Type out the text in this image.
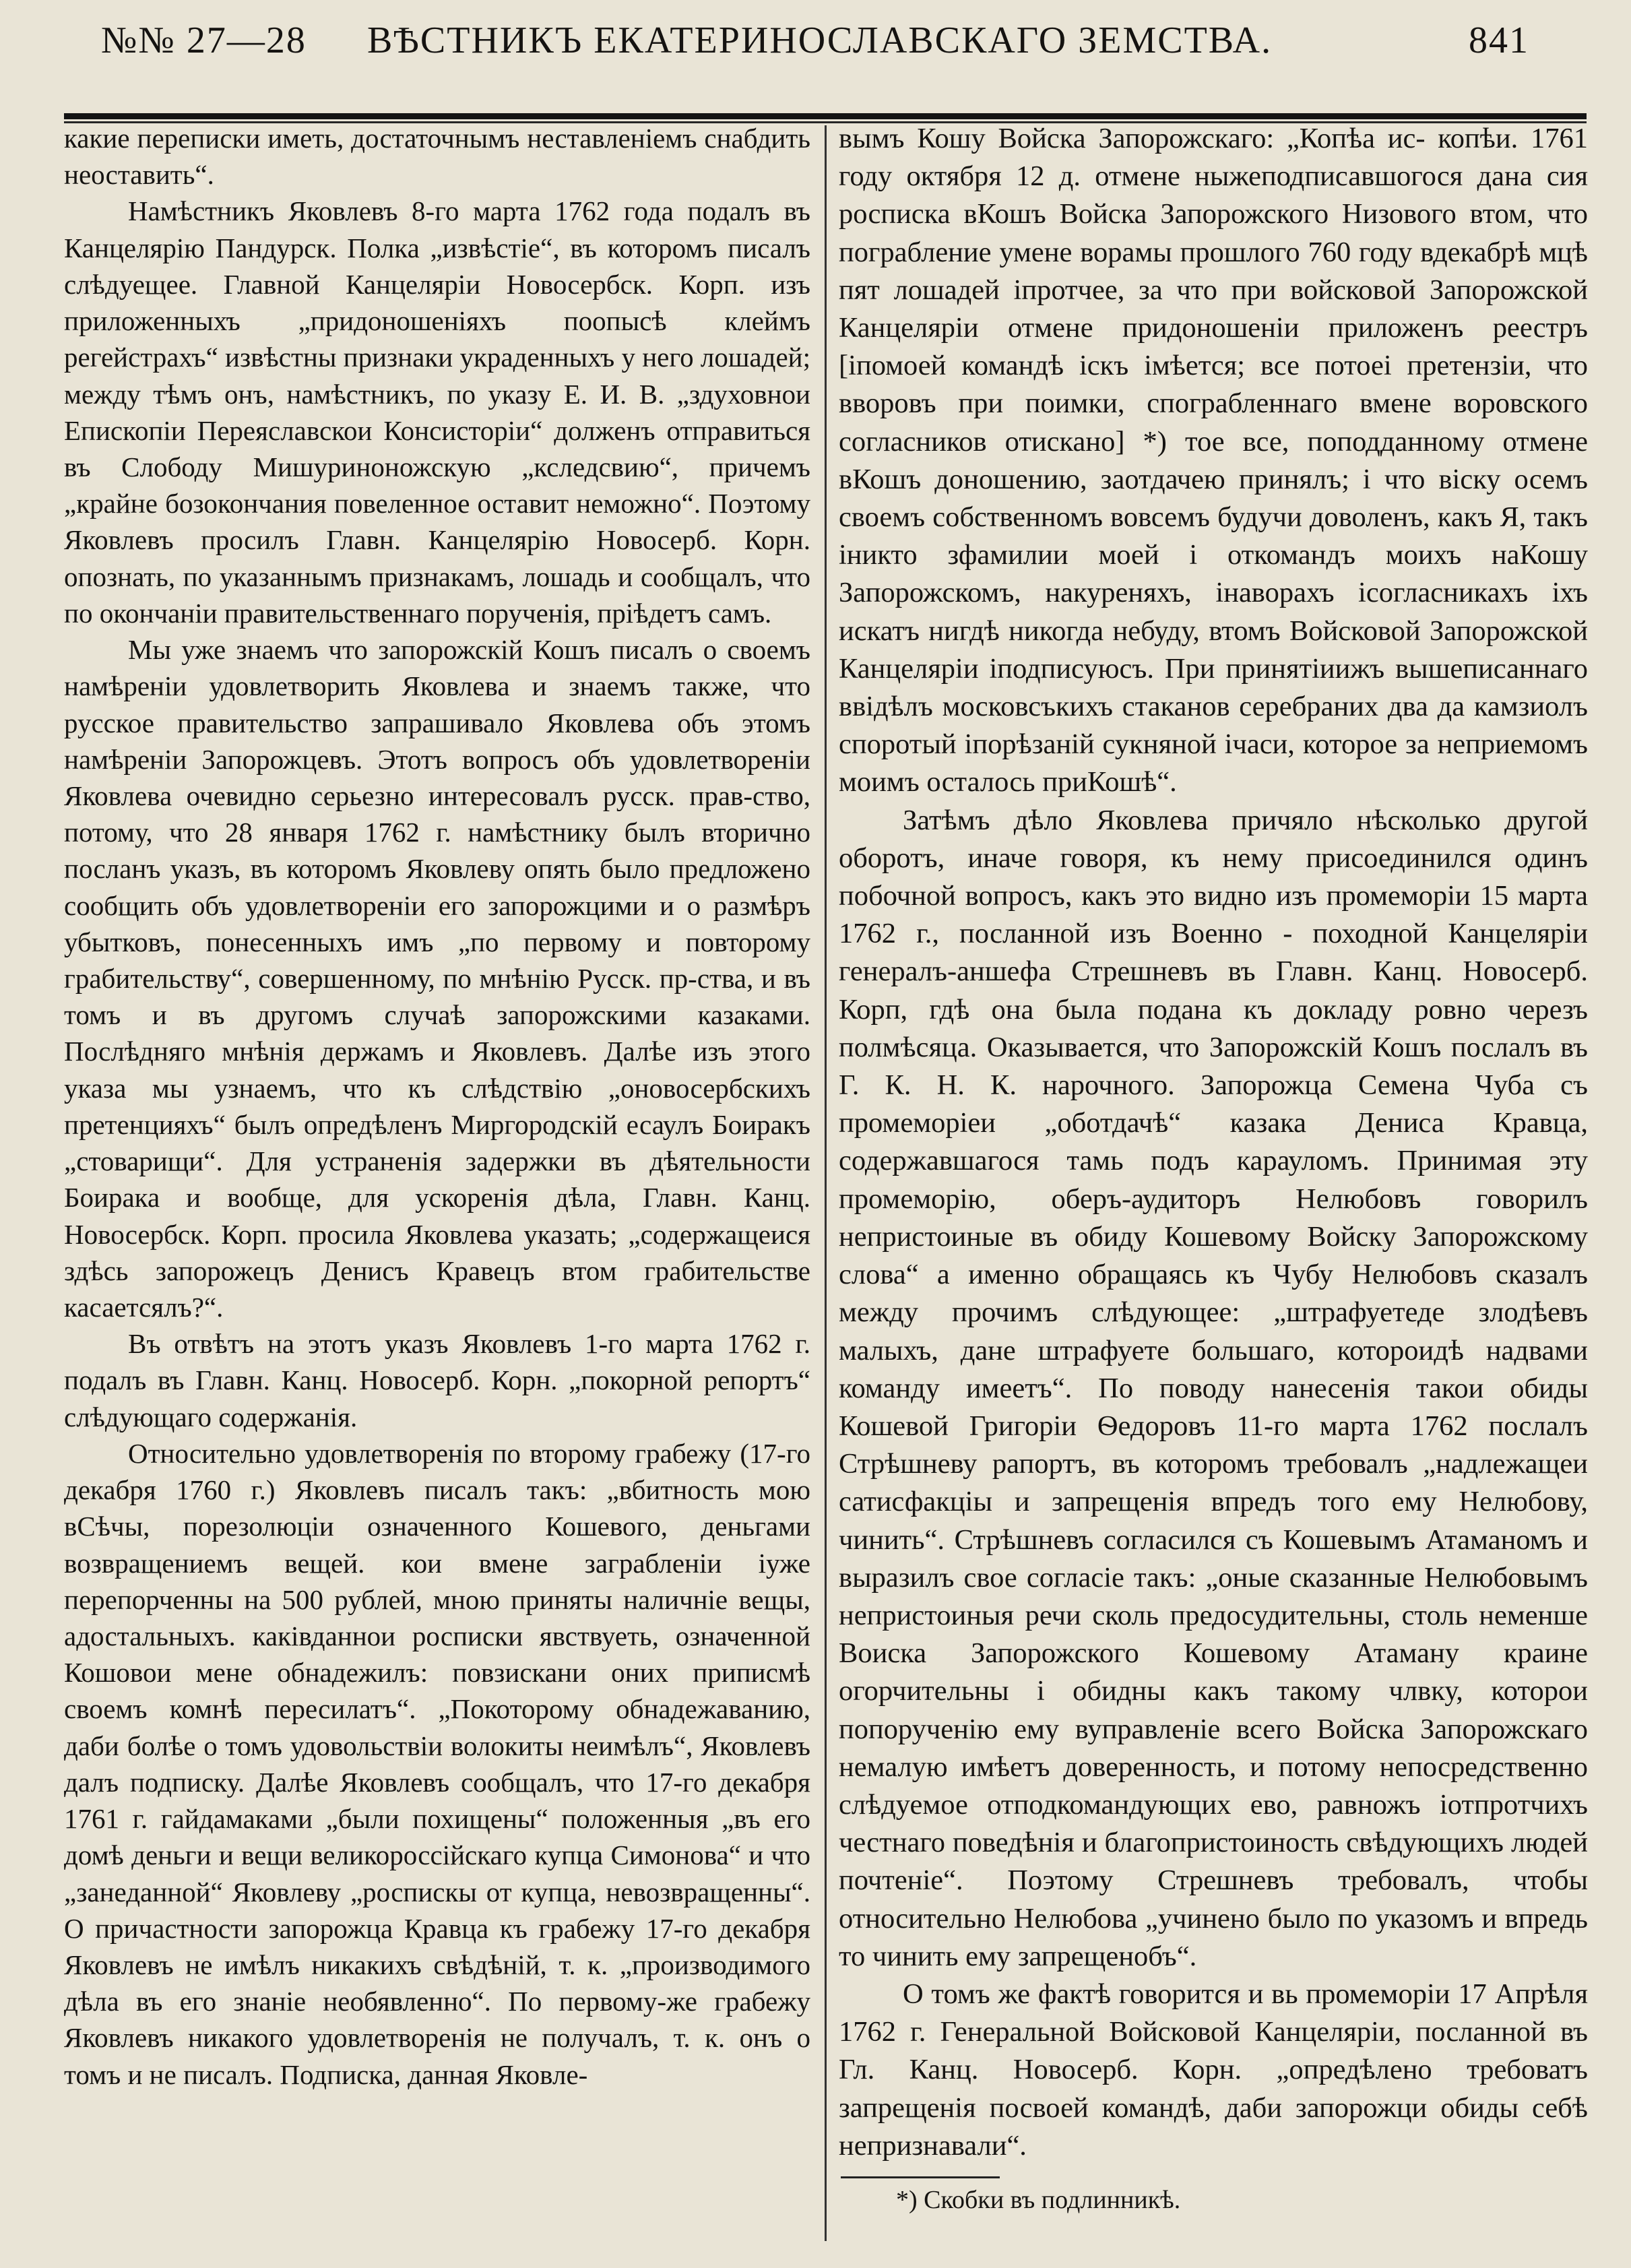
№№ 27—28 ВѢСТНИКЪ ЕКАТЕРИНОСЛАВСКАГО ЗЕМСТВА.	841

какие переписки иметь, достаточнымъ неставленіемъ снабдить неоставить“.

Намѣстникъ Яковлевъ 8-го марта 1762 года подалъ въ Канцелярію Пандурск. Полка „извѣстіе“, въ которомъ писалъ слѣдуещее. Главной Канцеляріи Новосербск. Корп. изъ приложенныхъ „придоношеніяхъ поопысѣ клеймъ регейстрахъ“ извѣстны признаки украденныхъ у него лошадей; между тѣмъ онъ, намѣстникъ, по указу Е. И. В. „здуховнои Епископіи Переяславскои Консисторіи“ долженъ отправиться въ Слободу Мишуриноножскую „кследсвию“, причемъ „крайне бозокончания повеленное оставит неможно“. Поэтому Яковлевъ просилъ Главн. Канцелярію Новосерб. Корн. опознать, по указаннымъ признакамъ, лошадь и сообщалъ, что по окончаніи правительственнаго порученія, пріѣдетъ самъ.

Мы уже знаемъ что запорожскій Кошъ писалъ о своемъ намѣреніи удовлетворить Яковлева и знаемъ также, что русское правительство запрашивало Яковлева объ этомъ намѣреніи Запорожцевъ. Этотъ вопросъ объ удовлетвореніи Яковлева очевидно серьезно интересовалъ русск. прав-ство, потому, что 28 января 1762 г. намѣстнику былъ вторично посланъ указъ, въ которомъ Яковлеву опять было предложено сообщить объ удовлетвореніи его запорожцими и о размѣръ убытковъ, понесенныхъ имъ „по первому и повторому грабительству“, совершенному, по мнѣнію Русск. пр-ства, и въ томъ и въ другомъ случаѣ запорожскими казаками. Послѣдняго мнѣнія держамъ и Яковлевъ. Далѣе изъ этого указа мы узнаемъ, что къ слѣдствію „оновосербскихъ претенцияхъ“ былъ опредѣленъ Миргородскій есаулъ Боиракъ „стоварищи“. Для устраненія задержки въ дѣятельности Боирака и вообще, для ускоренія дѣла, Главн. Канц. Новосербск. Корп. просила Яковлева указать; „содержащеися здѣсь запорожецъ Денисъ Кравецъ втом грабительстве касаетсялъ?“.

Въ отвѣтъ на этотъ указъ Яковлевъ 1-го марта 1762 г. подалъ въ Главн. Канц. Новосерб. Корн. „покорной репортъ“ слѣдующаго содержанія.

Относительно удовлетворенія по второму грабежу (17-го декабря 1760 г.) Яковлевъ писалъ такъ: „вбитность мою вСѣчы, порезолюціи означенного Кошевого, деньгами возвращениемъ вещей. кои вмене заграбленіи іуже перепорченны на 500 рублей, мною приняты наличніе вещы, адостальныхъ. какiвданнои росписки явствуеть, означенной Кошовои мене обнадежилъ: повзискани оних приписмѣ своемъ комнѣ пересилатъ“. „Покоторому обнадежаванию, даби болѣе о томъ удовольствіи волокиты неимѣлъ“, Яковлевъ далъ подписку. Далѣе Яковлевъ сообщалъ, что 17-го декабря 1761 г. гайдамаками „были похищены“ положенныя „въ его домѣ деньги и вещи великороссійскаго купца Симонова“ и что „занеданной“ Яковлеву „роспискы от купца, невозвращенны“. О причастности запорожца Кравца къ грабежу 17-го декабря Яковлевъ не имѣлъ никакихъ свѣдѣній, т. к. „производимого дѣла въ его знаніе необявленно“. По первому-же грабежу Яковлевъ никакого удовлетворенія не получалъ, т. к. онъ о томъ и не писалъ. Подписка, данная Яковле-

вымъ Кошу Войска Запорожскаго: „Копѣа ис- копѣи. 1761 году октября 12 д. отмене ныжеподписавшогося дана сия росписка вКошъ Войска Запорожского Низового втом, что пограбление умене ворамы прошлого 760 году вдекабрѣ мцѣ пят лошадей іпротчее, за что при войсковой Запорожской Канцеляріи отмене придоношеніи приложенъ реестръ [іпомоей командѣ іскъ імѣется; все потоеі претензіи, что вворовъ при поимки, спограбленнаго вмене воровского согласников отискано] *) тое все, поподданному отмене вКошъ доношению, заотдачею принялъ; і что віску осемъ своемъ собственномъ вовсемъ будучи доволенъ, какъ Я, такъ іникто зфамилии моей і откомандъ моихъ наКошу Запорожскомъ, накуреняхъ, інаворахъ ісогласникахъ іхъ искатъ нигдѣ никогда небуду, втомъ Войсковой Запорожской Канцеляріи іподписуюсъ. При принятіиижъ вышеписаннаго ввідѣлъ московсъкихъ стаканов серебраних два да камзиолъ споротый іпорѣзаній сукняной ічаси, которое за неприемомъ моимъ осталось приКошѣ“.

Затѣмъ дѣло Яковлева причяло нѣсколько другой оборотъ, иначе говоря, къ нему присоединился одинъ побочной вопросъ, какъ это видно изъ промеморіи 15 марта 1762 г., посланной изъ Военно - походной Канцеляріи генералъ-аншефа Стрешневъ въ Главн. Канц. Новосерб. Корп, гдѣ она была подана къ докладу ровно черезъ полмѣсяца. Оказывается, что Запорожскій Кошъ послалъ въ Г. К. Н. К. нарочного. Запорожца Семена Чуба съ промеморіеи „оботдачѣ“ казака Дениса Кравца, содержавшагося тамь подъ карауломъ. Принимая эту промеморію, оберъ-аудиторъ Нелюбовъ говорилъ непристоиные въ обиду Кошевому Войску Запорожскому слова“ а именно обращаясь къ Чубу Нелюбовъ сказалъ между прочимъ слѣдующее: „штрафуетеде злодѣевъ малыхъ, дане штрафуете большаго, котороидѣ надвами команду имеетъ“. По поводу нанесенія такои обиды Кошевой Григоріи Ѳедоровъ 11-го марта 1762 послалъ Стрѣшневу рапортъ, въ которомъ требовалъ „надлежащеи сатисфакціы и запрещенія впредъ того ему Нелюбову, чинить“. Стрѣшневъ согласился съ Кошевымъ Атаманомъ и выразилъ свое согласіе такъ: „оные сказанные Нелюбовымъ непристоиныя речи сколь предосудительны, столь неменше Воиска Запорожского Кошевому Атаману краине огорчительны і обидны какъ такому члвку, которои попорученію ему вуправленіе всего Войска Запорожскаго немалую имѣетъ доверенность, и потому непосредственно слѣдуемое отподкомандующих ево, равножъ іотпротчихъ честнаго поведѣнія и благопристоиность свѣдующихъ людей почтеніе“. Поэтому Стрешневъ требовалъ, чтобы относительно Нелюбова „учинено было по указомъ и впредь то чинить ему запрещенобъ“.

О томъ же фактѣ говорится и вь промеморіи 17 Апрѣля 1762 г. Генеральной Войсковой Канцеляріи, посланной въ Гл. Канц. Новосерб. Корн. „опредѣлено требоватъ запрещенія посвоей командѣ, даби запорожци обиды себѣ непризнавали“.

*) Скобки въ подлинникѣ.
